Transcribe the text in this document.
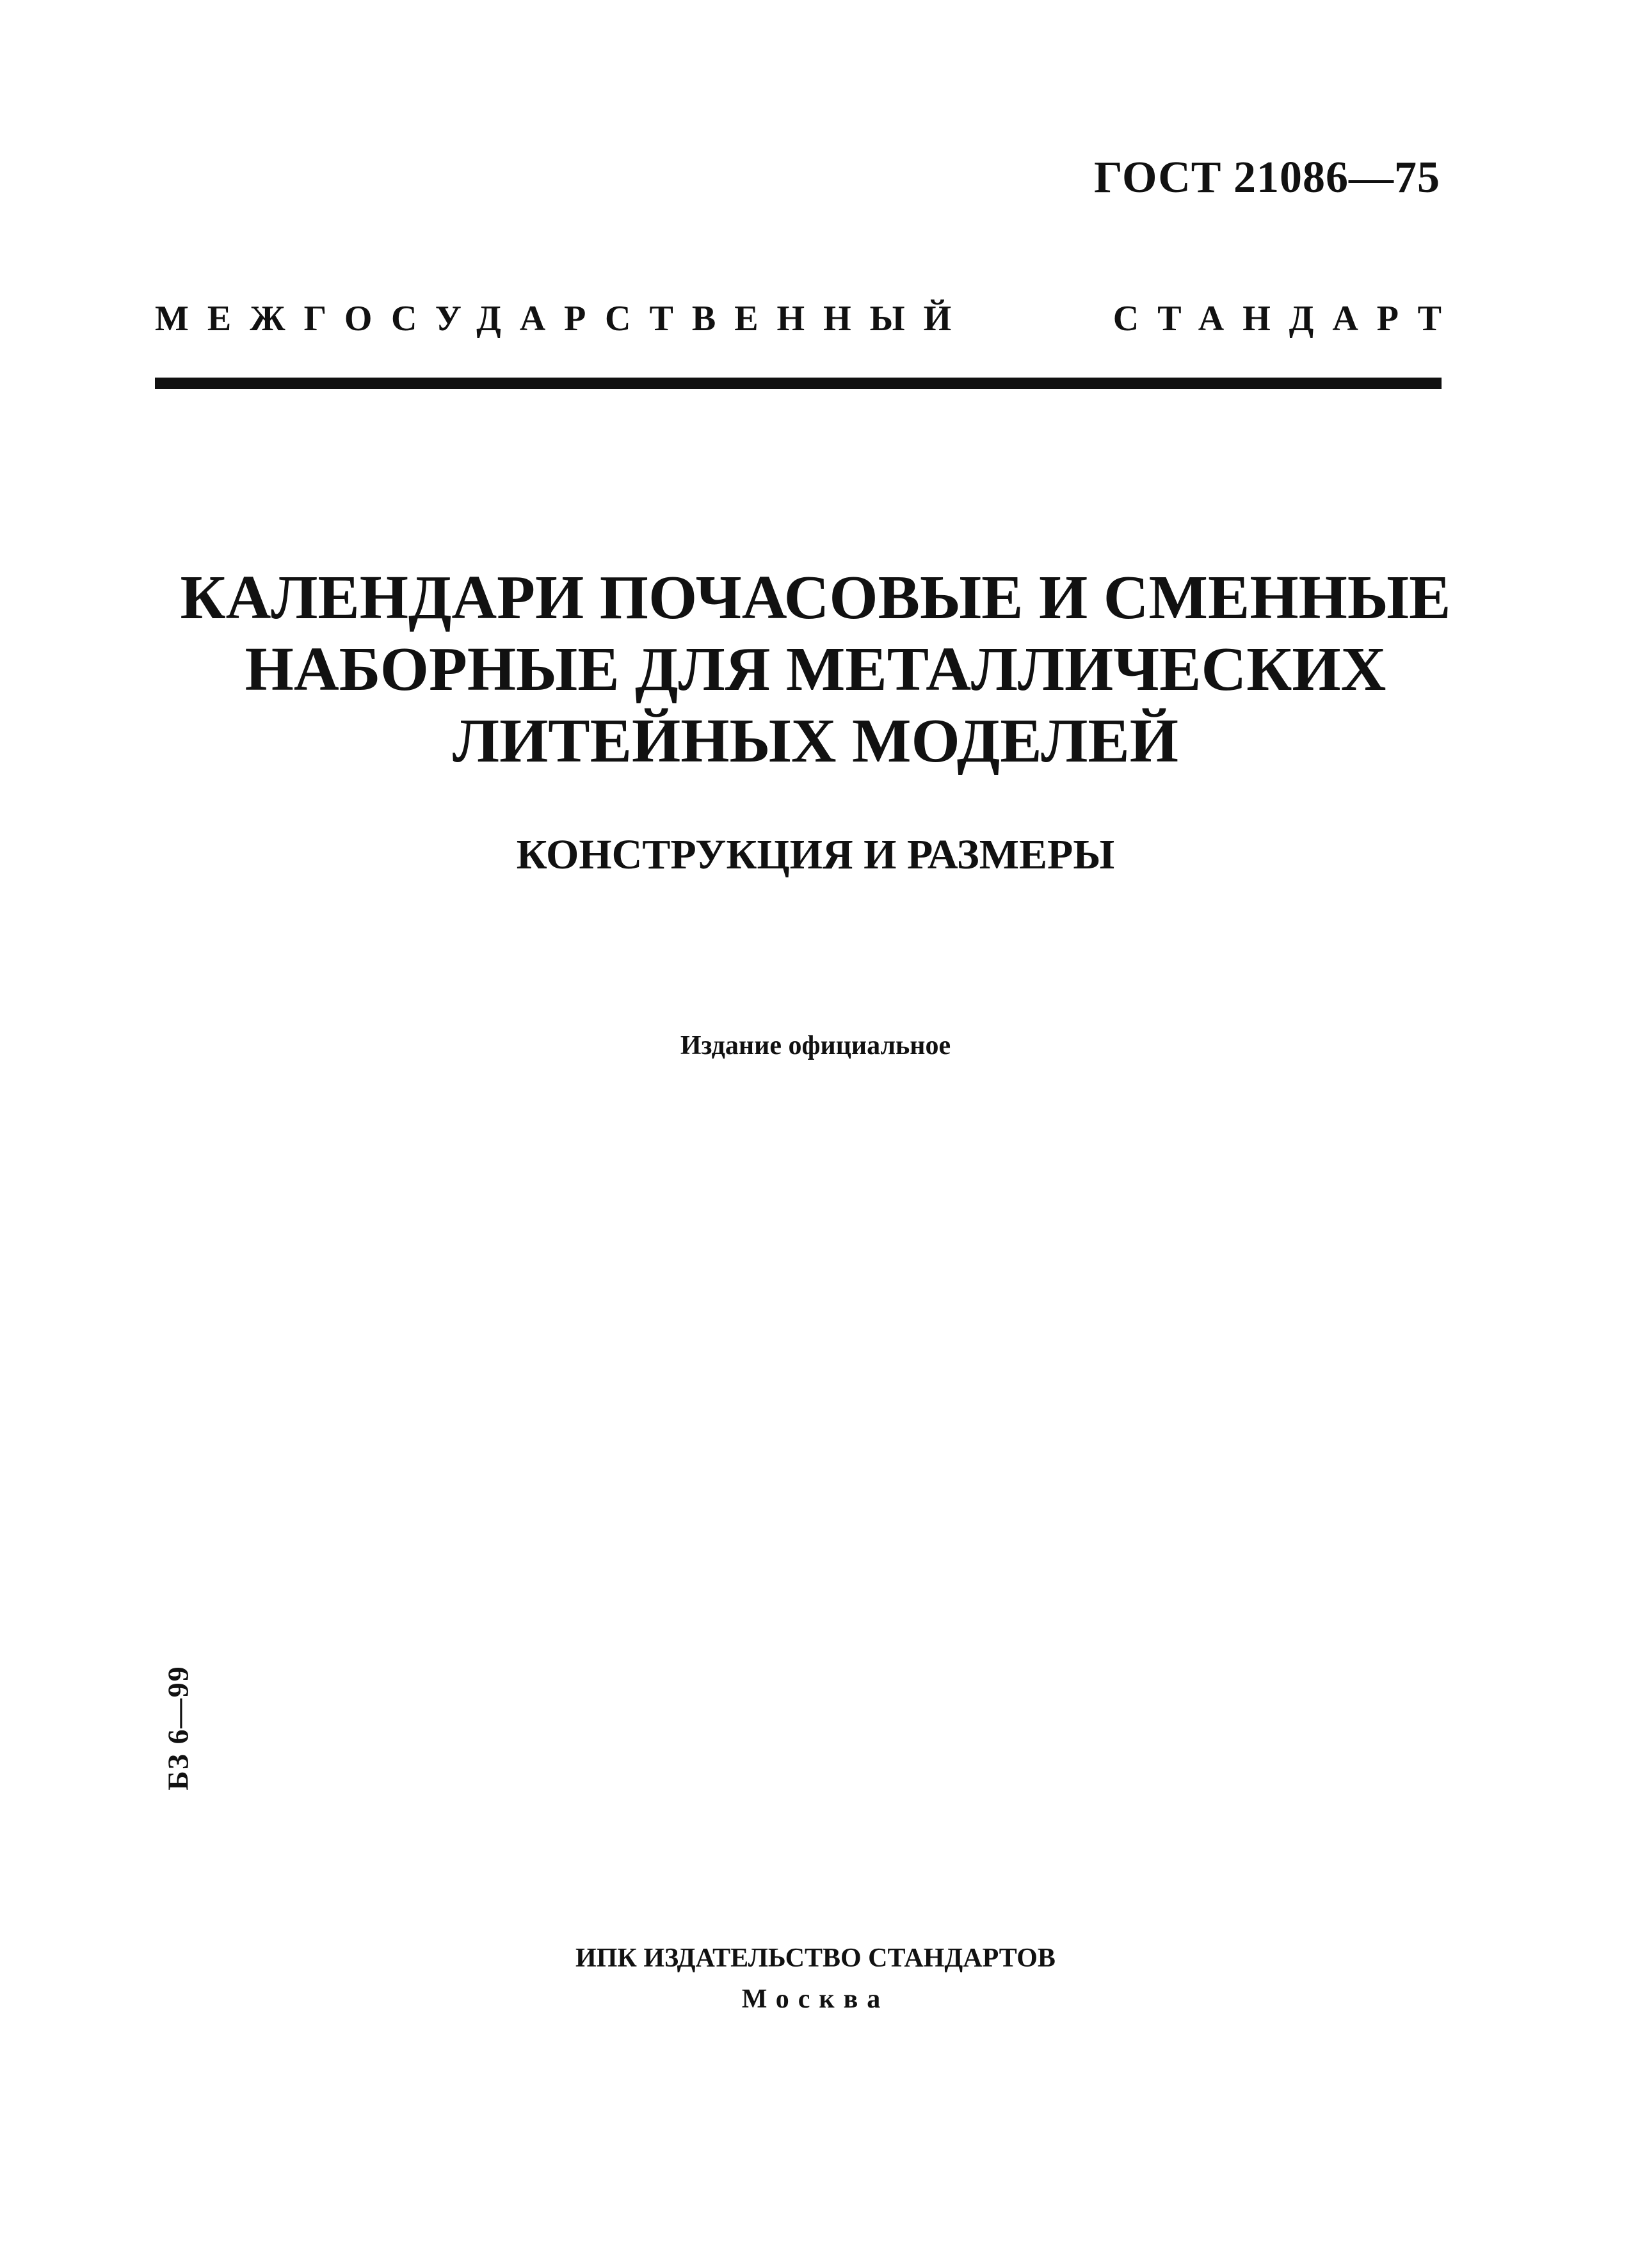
ГОСТ 21086—75
МЕЖГОСУДАРСТВЕННЫЙ	СТАНДАРТ
КАЛЕНДАРИ ПОЧАСОВЫЕ И СМЕННЫЕ
НАБОРНЫЕ ДЛЯ МЕТАЛЛИЧЕСКИХ
ЛИТЕЙНЫХ МОДЕЛЕЙ
КОНСТРУКЦИЯ И РАЗМЕРЫ
Издание официальное
БЗ 6—99
ИПК ИЗДАТЕЛЬСТВО СТАНДАРТОВ
Москва
